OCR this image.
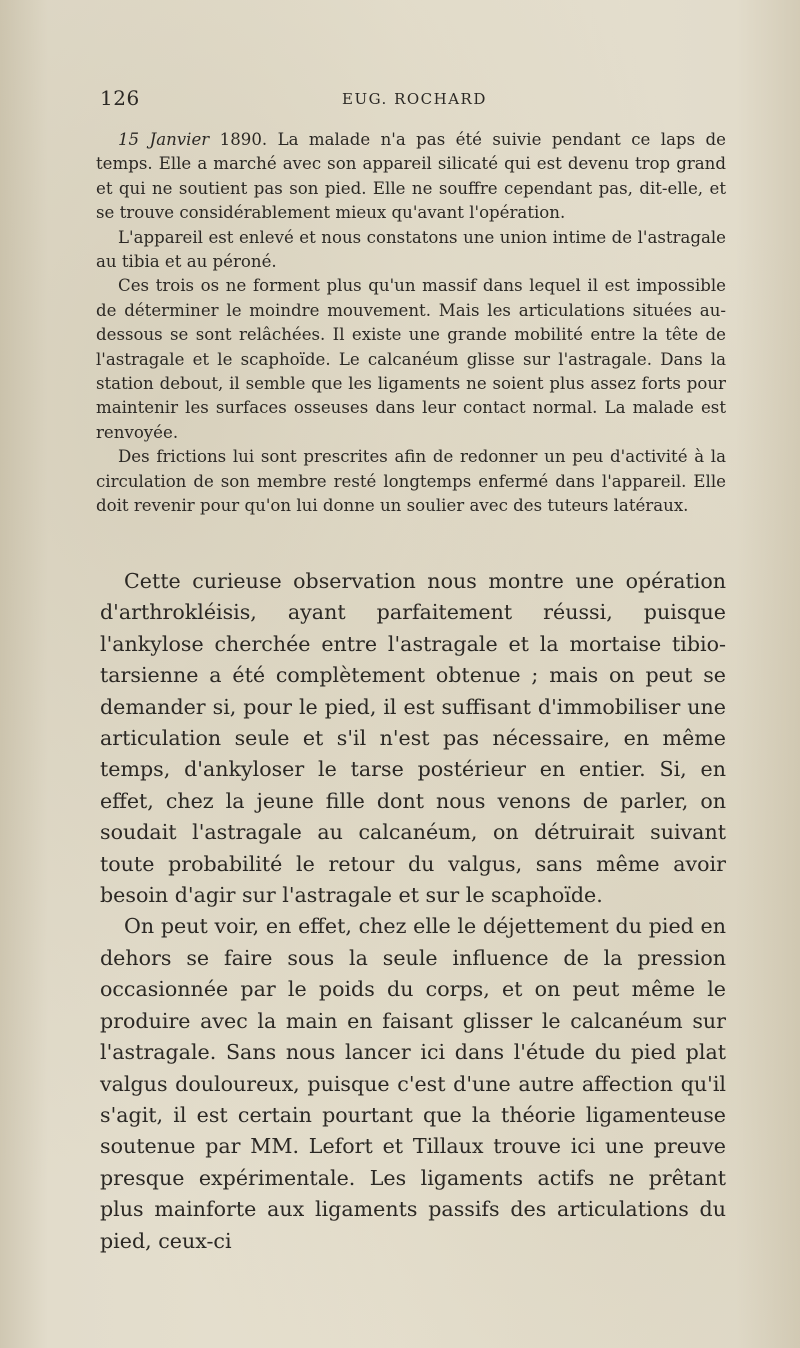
126	EUG. ROCHARD

15 Janvier 1890. La malade n'a pas été suivie pendant ce laps de temps. Elle a marché avec son appareil silicaté qui est devenu trop grand et qui ne soutient pas son pied. Elle ne souffre cependant pas, dit-elle, et se trouve considérablement mieux qu'avant l'opération.

L'appareil est enlevé et nous constatons une union intime de l'astragale au tibia et au péroné.

Ces trois os ne forment plus qu'un massif dans lequel il est impossible de déterminer le moindre mouvement. Mais les articulations situées au-dessous se sont relâchées. Il existe une grande mobilité entre la tête de l'astragale et le scaphoïde. Le calcanéum glisse sur l'astragale. Dans la station debout, il semble que les ligaments ne soient plus assez forts pour maintenir les surfaces osseuses dans leur contact normal. La malade est renvoyée.

Des frictions lui sont prescrites afin de redonner un peu d'activité à la circulation de son membre resté longtemps enfermé dans l'appareil. Elle doit revenir pour qu'on lui donne un soulier avec des tuteurs latéraux.

Cette curieuse observation nous montre une opération d'arthrokléisis, ayant parfaitement réussi, puisque l'ankylose cherchée entre l'astragale et la mortaise tibio-tarsienne a été complètement obtenue ; mais on peut se demander si, pour le pied, il est suffisant d'immobiliser une articulation seule et s'il n'est pas nécessaire, en même temps, d'ankyloser le tarse postérieur en entier. Si, en effet, chez la jeune fille dont nous venons de parler, on soudait l'astragale au calcanéum, on détruirait suivant toute probabilité le retour du valgus, sans même avoir besoin d'agir sur l'astragale et sur le scaphoïde.

On peut voir, en effet, chez elle le déjettement du pied en dehors se faire sous la seule influence de la pression occasionnée par le poids du corps, et on peut même le produire avec la main en faisant glisser le calcanéum sur l'astragale. Sans nous lancer ici dans l'étude du pied plat valgus douloureux, puisque c'est d'une autre affection qu'il s'agit, il est certain pourtant que la théorie ligamenteuse soutenue par MM. Lefort et Tillaux trouve ici une preuve presque expérimentale. Les ligaments actifs ne prêtant plus mainforte aux ligaments passifs des articulations du pied, ceux-ci
